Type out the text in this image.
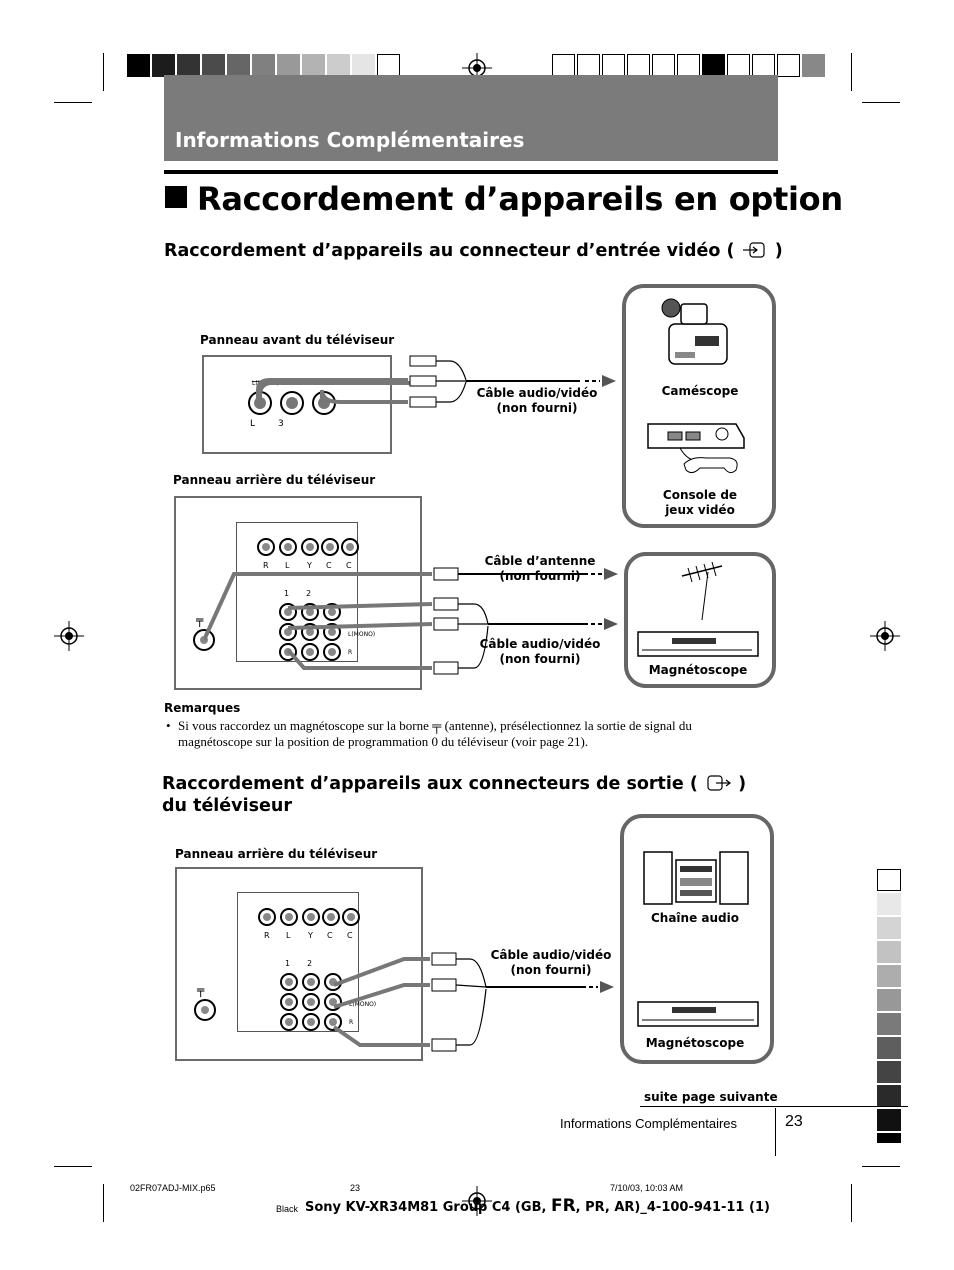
Informations Complémentaires
Raccordement d’appareils en option
Raccordement d’appareils au connecteur d’entrée vidéo ( )
Panneau avant du téléviseur
L(MONO)
L	3
Câble audio/vidéo
(non fourni)
Caméscope
Console de
jeux vidéo
Panneau arrière du téléviseur
R L Y C C
1 2
L(MONO)
R
╤
Câble d’antenne
(non fourni)
Câble audio/vidéo
(non fourni)
Magnétoscope
Remarques
• Si vous raccordez un magnétoscope sur la borne ╤ (antenne), présélectionnez la sortie de signal du magnétoscope sur la position de programmation 0 du téléviseur (voir page 21).
Raccordement d’appareils aux connecteurs de sortie ( )
du téléviseur
Panneau arrière du téléviseur
R L Y C C
1 2
L(MONO)
R
╤
Câble audio/vidéo
(non fourni)
Chaîne audio
Magnétoscope
suite page suivante
Informations Complémentaires	23
02FR07ADJ-MIX.p65	23	7/10/03, 10:03 AM
Black Sony KV-XR34M81 Group C4 (GB, FR, PR, AR)_4-100-941-11 (1)
